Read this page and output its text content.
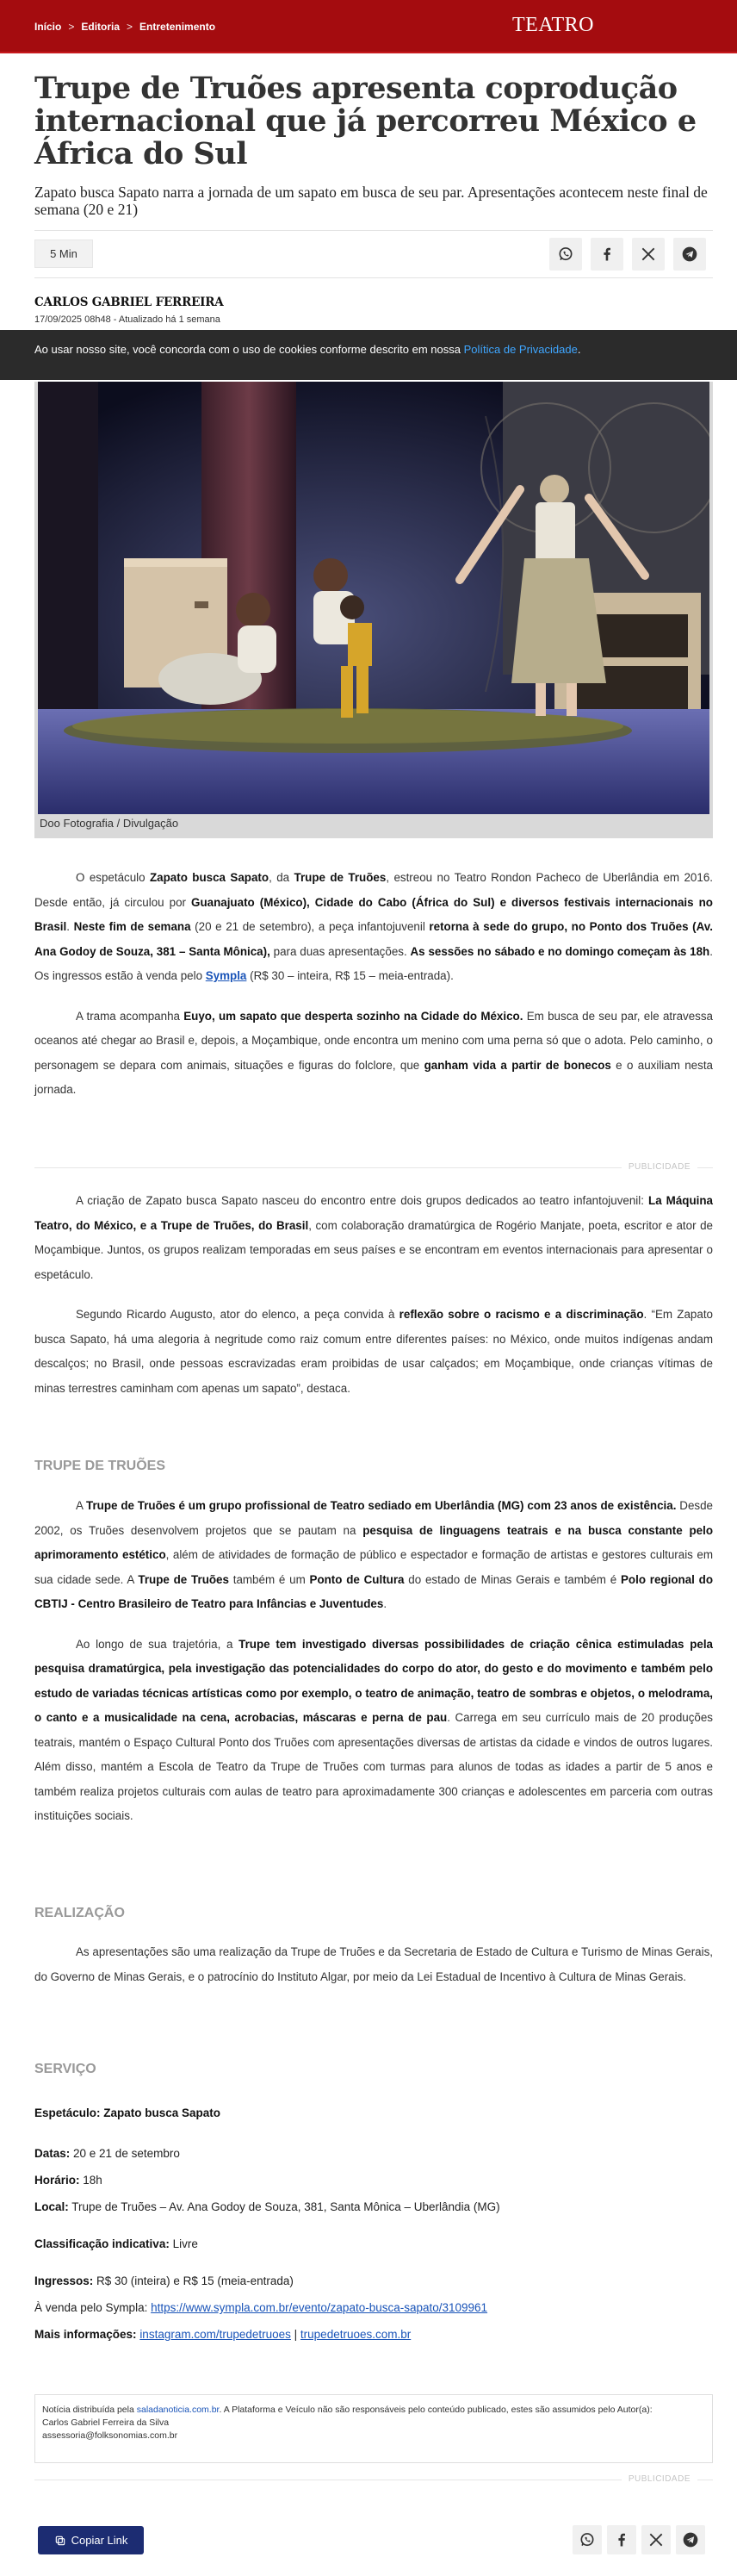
Início > Editoria > Entretenimento	TEATRO
Trupe de Truões apresenta coprodução internacional que já percorreu México e África do Sul
Zapato busca Sapato narra a jornada de um sapato em busca de seu par. Apresentações acontecem neste final de semana (20 e 21)
5 Min
CARLOS GABRIEL FERREIRA
17/09/2025 08h48 - Atualizado há 1 semana
Ao usar nosso site, você concorda com o uso de cookies conforme descrito em nossa Política de Privacidade.
Doo Fotografia / Divulgação

O espetáculo Zapato busca Sapato, da Trupe de Truões, estreou no Teatro Rondon Pacheco de Uberlândia em 2016. Desde então, já circulou por Guanajuato (México), Cidade do Cabo (África do Sul) e diversos festivais internacionais no Brasil. Neste fim de semana (20 e 21 de setembro), a peça infantojuvenil retorna à sede do grupo, no Ponto dos Truões (Av. Ana Godoy de Souza, 381 – Santa Mônica), para duas apresentações. As sessões no sábado e no domingo começam às 18h. Os ingressos estão à venda pelo Sympla (R$ 30 – inteira, R$ 15 – meia-entrada).

A trama acompanha Euyo, um sapato que desperta sozinho na Cidade do México. Em busca de seu par, ele atravessa oceanos até chegar ao Brasil e, depois, a Moçambique, onde encontra um menino com uma perna só que o adota. Pelo caminho, o personagem se depara com animais, situações e figuras do folclore, que ganham vida a partir de bonecos e o auxiliam nesta jornada.

PUBLICIDADE

A criação de Zapato busca Sapato nasceu do encontro entre dois grupos dedicados ao teatro infantojuvenil: La Máquina Teatro, do México, e a Trupe de Truões, do Brasil, com colaboração dramatúrgica de Rogério Manjate, poeta, escritor e ator de Moçambique. Juntos, os grupos realizam temporadas em seus países e se encontram em eventos internacionais para apresentar o espetáculo.

Segundo Ricardo Augusto, ator do elenco, a peça convida à reflexão sobre o racismo e a discriminação. “Em Zapato busca Sapato, há uma alegoria à negritude como raiz comum entre diferentes países: no México, onde muitos indígenas andam descalços; no Brasil, onde pessoas escravizadas eram proibidas de usar calçados; em Moçambique, onde crianças vítimas de minas terrestres caminham com apenas um sapato”, destaca.

TRUPE DE TRUÕES

A Trupe de Truões é um grupo profissional de Teatro sediado em Uberlândia (MG) com 23 anos de existência. Desde 2002, os Truões desenvolvem projetos que se pautam na pesquisa de linguagens teatrais e na busca constante pelo aprimoramento estético, além de atividades de formação de público e espectador e formação de artistas e gestores culturais em sua cidade sede. A Trupe de Truões também é um Ponto de Cultura do estado de Minas Gerais e também é Polo regional do CBTIJ - Centro Brasileiro de Teatro para Infâncias e Juventudes.

Ao longo de sua trajetória, a Trupe tem investigado diversas possibilidades de criação cênica estimuladas pela pesquisa dramatúrgica, pela investigação das potencialidades do corpo do ator, do gesto e do movimento e também pelo estudo de variadas técnicas artísticas como por exemplo, o teatro de animação, teatro de sombras e objetos, o melodrama, o canto e a musicalidade na cena, acrobacias, máscaras e perna de pau. Carrega em seu currículo mais de 20 produções teatrais, mantém o Espaço Cultural Ponto dos Truões com apresentações diversas de artistas da cidade e vindos de outros lugares. Além disso, mantém a Escola de Teatro da Trupe de Truões com turmas para alunos de todas as idades a partir de 5 anos e também realiza projetos culturais com aulas de teatro para aproximadamente 300 crianças e adolescentes em parceria com outras instituições sociais.

REALIZAÇÃO

As apresentações são uma realização da Trupe de Truões e da Secretaria de Estado de Cultura e Turismo de Minas Gerais, do Governo de Minas Gerais, e o patrocínio do Instituto Algar, por meio da Lei Estadual de Incentivo à Cultura de Minas Gerais.

SERVIÇO
Espetáculo: Zapato busca Sapato
Datas: 20 e 21 de setembro
Horário: 18h
Local: Trupe de Truões – Av. Ana Godoy de Souza, 381, Santa Mônica – Uberlândia (MG)
Classificação indicativa: Livre
Ingressos: R$ 30 (inteira) e R$ 15 (meia-entrada)
À venda pelo Sympla: https://www.sympla.com.br/evento/zapato-busca-sapato/3109961
Mais informações: instagram.com/trupedetruoes | trupedetruoes.com.br
Notícia distribuída pela saladanoticia.com.br. A Plataforma e Veículo não são responsáveis pelo conteúdo publicado, estes são assumidos pelo Autor(a):
Carlos Gabriel Ferreira da Silva
assessoria@folksonomias.com.br
PUBLICIDADE
Copiar Link
